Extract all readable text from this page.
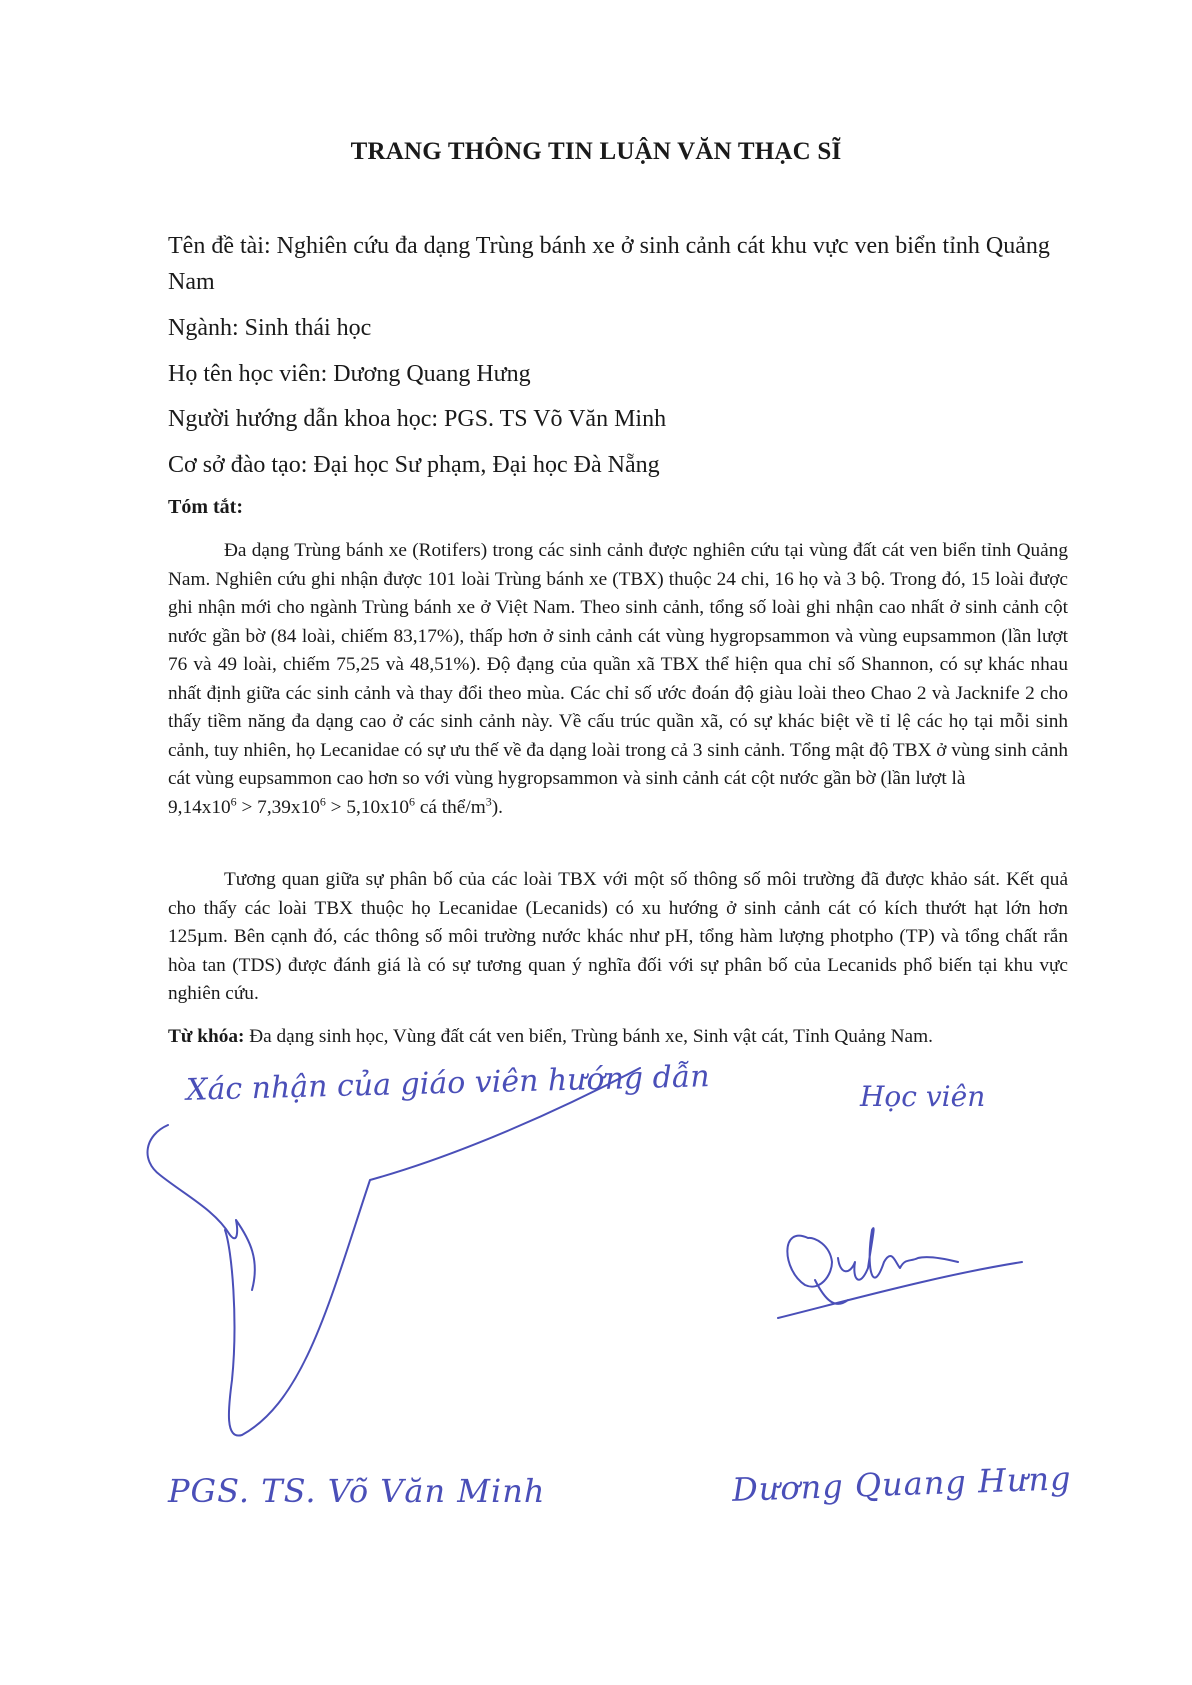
TRANG THÔNG TIN LUẬN VĂN THẠC SĨ
Tên đề tài: Nghiên cứu đa dạng Trùng bánh xe ở sinh cảnh cát khu vực ven biển tỉnh Quảng Nam
Ngành: Sinh thái học
Họ tên học viên: Dương Quang Hưng
Người hướng dẫn khoa học: PGS. TS Võ Văn Minh
Cơ sở đào tạo: Đại học Sư phạm, Đại học Đà Nẵng
Tóm tắt:
Đa dạng Trùng bánh xe (Rotifers) trong các sinh cảnh được nghiên cứu tại vùng đất cát ven biển tỉnh Quảng Nam. Nghiên cứu ghi nhận được 101 loài Trùng bánh xe (TBX) thuộc 24 chi, 16 họ và 3 bộ. Trong đó, 15 loài được ghi nhận mới cho ngành Trùng bánh xe ở Việt Nam. Theo sinh cảnh, tổng số loài ghi nhận cao nhất ở sinh cảnh cột nước gần bờ (84 loài, chiếm 83,17%), thấp hơn ở sinh cảnh cát vùng hygropsammon và vùng eupsammon (lần lượt 76 và 49 loài, chiếm 75,25 và 48,51%). Độ đạng của quần xã TBX thể hiện qua chỉ số Shannon, có sự khác nhau nhất định giữa các sinh cảnh và thay đổi theo mùa. Các chỉ số ước đoán độ giàu loài theo Chao 2 và Jacknife 2 cho thấy tiềm năng đa dạng cao ở các sinh cảnh này. Về cấu trúc quần xã, có sự khác biệt về tỉ lệ các họ tại mỗi sinh cảnh, tuy nhiên, họ Lecanidae có sự ưu thế về đa dạng loài trong cả 3 sinh cảnh. Tổng mật độ TBX ở vùng sinh cảnh cát vùng eupsammon cao hơn so với vùng hygropsammon và sinh cảnh cát cột nước gần bờ (lần lượt là
$9,14x10^6 > 7,39x10^6 > 5,10x10^6$ cá thể/$m^3$).
Tương quan giữa sự phân bố của các loài TBX với một số thông số môi trường đã được khảo sát. Kết quả cho thấy các loài TBX thuộc họ Lecanidae (Lecanids) có xu hướng ở sinh cảnh cát có kích thướt hạt lớn hơn 125µm. Bên cạnh đó, các thông số môi trường nước khác như pH, tổng hàm lượng photpho (TP) và tổng chất rắn hòa tan (TDS) được đánh giá là có sự tương quan ý nghĩa đối với sự phân bố của Lecanids phổ biến tại khu vực nghiên cứu.
Từ khóa: Đa dạng sinh học, Vùng đất cát ven biển, Trùng bánh xe, Sinh vật cát, Tỉnh Quảng Nam.
Xác nhận của giáo viên hướng dẫn	Học viên
PGS. TS. Võ Văn Minh	Dương Quang Hưng
